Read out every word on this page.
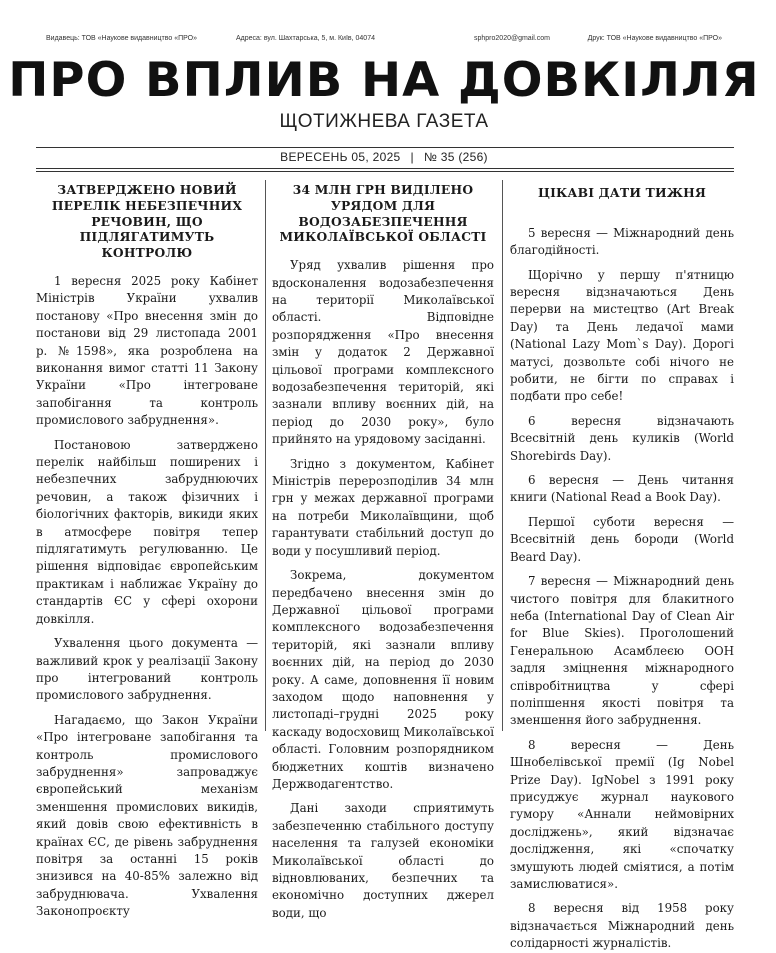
Видавець: ТОВ «Наукове видавництво «ПРО»	Адреса: вул. Шахтарська, 5, м. Київ, 04074	sphpro2020@gmail.com	Друк: ТОВ «Наукове видавництво «ПРО»
ПРО ВПЛИВ НА ДОВКІЛЛЯ
ЩОТИЖНЕВА ГАЗЕТА
ВЕРЕСЕНЬ 05, 2025 | № 35 (256)
ЗАТВЕРДЖЕНО НОВИЙ ПЕРЕЛІК НЕБЕЗПЕЧНИХ РЕЧОВИН, ЩО ПІДЛЯГАТИМУТЬ КОНТРОЛЮ

1 вересня 2025 року Кабінет Міністрів України ухвалив постанову «Про внесення змін до постанови від 29 листопада 2001 р. №1598», яка розроблена на виконання вимог статті 11 Закону України «Про інтегроване запобігання та контроль промислового забруднення».

Постановою затверджено перелік найбільш поширених і небезпечних забруднюючих речовин, а також фізичних і біологічних факторів, викиди яких в атмосфере повітря тепер підлягатимуть регулюванню. Це рішення відповідає європейським практикам і наближає Україну до стандартів ЄС у сфері охорони довкілля.

Ухвалення цього документа — важливий крок у реалізації Закону про інтегрований контроль промислового забруднення.

Нагадаємо, що Закон України «Про інтегроване запобігання та контроль промислового забруднення» запроваджує європейський механізм зменшення промислових викидів, який довів свою ефективність в країнах ЄС, де рівень забруднення повітря за останні 15 років знизився на 40-85% залежно від забруднювача. Ухвалення Законопроєкту

34 МЛН ГРН ВИДІЛЕНО УРЯДОМ ДЛЯ ВОДОЗАБЕЗПЕЧЕННЯ МИКОЛАЇВСЬКОЇ ОБЛАСТІ

Уряд ухвалив рішення про вдосконалення водозабезпечення на території Миколаївської області. Відповідне розпорядження «Про внесення змін у додаток 2 Державної цільової програми комплексного водозабезпечення територій, які зазнали впливу воєнних дій, на період до 2030 року», було прийнято на урядовому засіданні.

Згідно з документом, Кабінет Міністрів перерозподілив 34 млн грн у межах державної програми на потреби Миколаївщини, щоб гарантувати стабільний доступ до води у посушливий період.

Зокрема, документом передбачено внесення змін до Державної цільової програми комплексного водозабезпечення територій, які зазнали впливу воєнних дій, на період до 2030 року. А саме, доповнення її новим заходом щодо наповнення у листопаді–грудні 2025 року каскаду водосховищ Миколаївської області. Головним розпорядником бюджетних коштів визначено Держводагентство.

Дані заходи сприятимуть забезпеченню стабільного доступу населення та галузей економіки Миколаївської області до відновлюваних, безпечних та економічно доступних джерел води, що

ЦІКАВІ ДАТИ ТИЖНЯ

5 вересня — Міжнародний день благодійності.

Щорічно у першу п'ятницю вересня відзначаються День перерви на мистецтво (Art Break Day) та День ледачої мами (National Lazy Mom`s Day). Дорогі матусі, дозвольте собі нічого не робити, не бігти по справах і подбати про себе!

6 вересня відзначають Всесвітній день куликів (World Shorebirds Day).

6 вересня — День читання книги (National Read a Book Day).

Першої суботи вересня — Всесвітній день бороди (World Beard Day).

7 вересня — Міжнародний день чистого повітря для блакитного неба (International Day of Clean Air for Blue Skies). Проголошений Генеральною Асамблеєю ООН задля зміцнення міжнародного співробітництва у сфері поліпшення якості повітря та зменшення його забруднення.

8 вересня — День Шнобелівської премії (Ig Nobel Prize Day). IgNobel з 1991 року присуджує журнал наукового гумору «Аннали неймовірних досліджень», який відзначає дослідження, які «спочатку змушують людей сміятися, а потім замислюватися».

8 вересня від 1958 року відзначається Міжнародний день солідарності журналістів.
